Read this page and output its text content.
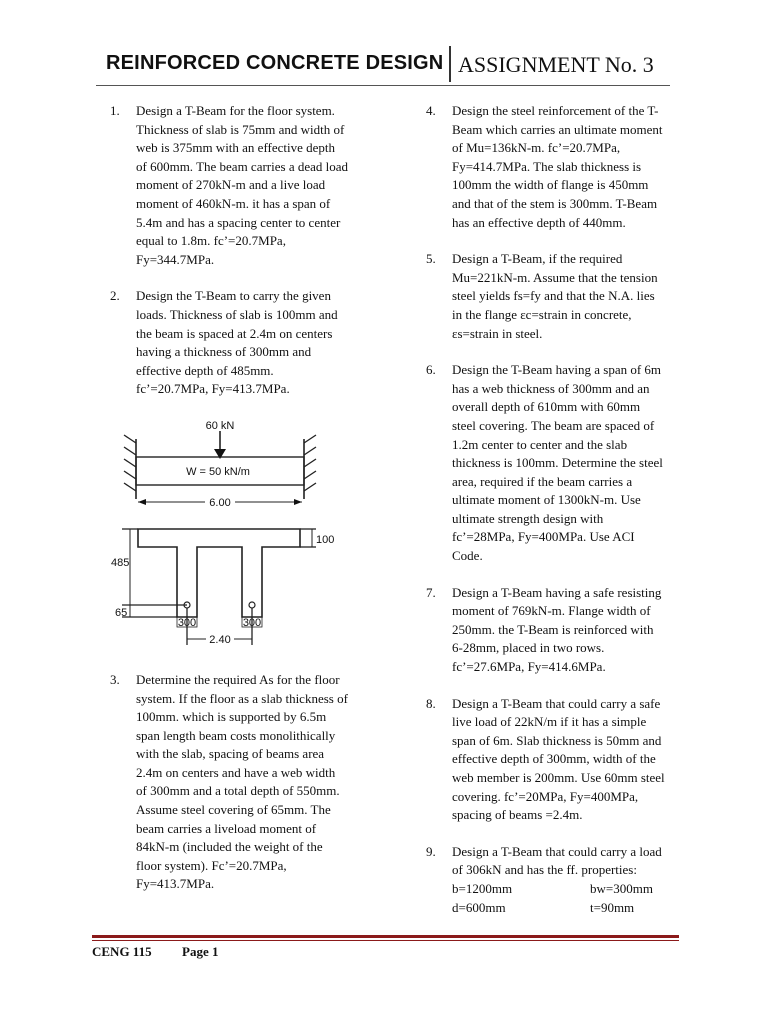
REINFORCED CONCRETE DESIGN ASSIGNMENT No. 3
1. Design a T-Beam for the floor system.
Thickness of slab is 75mm and width of
web is 375mm with an effective depth
of 600mm. The beam carries a dead load
moment of 270kN-m and a live load
moment of 460kN-m. it has a span of
5.4m and has a spacing center to center
equal to 1.8m. fc’=20.7MPa,
Fy=344.7MPa.
2. Design the T-Beam to carry the given
loads. Thickness of slab is 100mm and
the beam is spaced at 2.4m on centers
having a thickness of 300mm and
effective depth of 485mm.
fc’=20.7MPa, Fy=413.7MPa.
W = 50 kN/m
60 kN
6.00
100
485
65
300	300
2.40
3. Determine the required As for the floor
system. If the floor as a slab thickness of
100mm. which is supported by 6.5m
span length beam costs monolithically
with the slab, spacing of beams area
2.4m on centers and have a web width
of 300mm and a total depth of 550mm.
Assume steel covering of 65mm. The
beam carries a liveload moment of
84kN-m (included the weight of the
floor system). Fc’=20.7MPa,
Fy=413.7MPa.
4. Design the steel reinforcement of the T-
Beam which carries an ultimate moment
of Mu=136kN-m. fc’=20.7MPa,
Fy=414.7MPa. The slab thickness is
100mm the width of flange is 450mm
and that of the stem is 300mm. T-Beam
has an effective depth of 440mm.
5. Design a T-Beam, if the required
Mu=221kN-m. Assume that the tension
steel yields fs=fy and that the N.A. lies
in the flange εc=strain in concrete,
εs=strain in steel.
6. Design the T-Beam having a span of 6m
has a web thickness of 300mm and an
overall depth of 610mm with 60mm
steel covering. The beam are spaced of
1.2m center to center and the slab
thickness is 100mm. Determine the steel
area, required if the beam carries a
ultimate moment of 1300kN-m. Use
ultimate strength design with
fc’=28MPa, Fy=400MPa. Use ACI
Code.
7. Design a T-Beam having a safe resisting
moment of 769kN-m. Flange width of
250mm. the T-Beam is reinforced with
6-28mm, placed in two rows.
fc’=27.6MPa, Fy=414.6MPa.
8. Design a T-Beam that could carry a safe
live load of 22kN/m if it has a simple
span of 6m. Slab thickness is 50mm and
effective depth of 300mm, width of the
web member is 200mm. Use 60mm steel
covering. fc’=20MPa, Fy=400MPa,
spacing of beams =2.4m.
9. Design a T-Beam that could carry a load
of 306kN and has the ff. properties:
b=1200mm	bw=300mm
d=600mm	t=90mm
CENG 115 Page 1
